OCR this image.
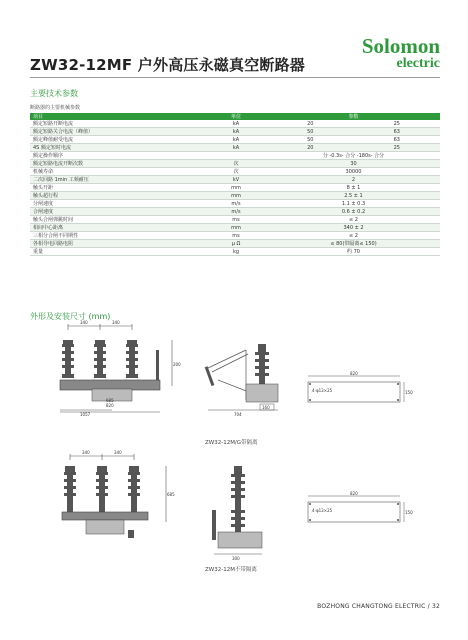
Solomon
electric
ZW32-12MF 户外高压永磁真空断路器
主要技术参数
断路器的主要机械参数
项目	单位	参数	
额定短路开断电流	kA	20	25
额定短路关合电流（峰值）	kA	50	63
额定峰值耐受电流	kA	50	63
4S 额定短时电流	kA	20	25
额定操作顺序		分 -0.3s- 合分 -180s- 合分	
额定短路电流开断次数	次	30	
机械寿命	次	30000	
二次回路 1min 工频耐压	kV	2	
触头开距	mm	8 ± 1	
触头超行程	mm	2.5 ± 1	
分闸速度	m/s	1.1 ± 0.3	
合闸速度	m/s	0.6 ± 0.2	
触头合闸弹跳时间	ms	≤ 2	
相间中心距离	mm	340 ± 2	
三相分合闸不同期性	ms	≤ 2	
各相导电回路电阻	μ Ω	≤ 80(带隔离≤ 150)	
重量	kg	约 70	
外形及安装尺寸 (mm)
340	340
200
685
820
1057
160
704
820
150
4-φ13×25
ZW32-12M/G带隔离
340	340
685
300
820
150
4-φ13×25
ZW32-12M不带隔离
BOZHONG CHANGTONG ELECTRIC / 32
